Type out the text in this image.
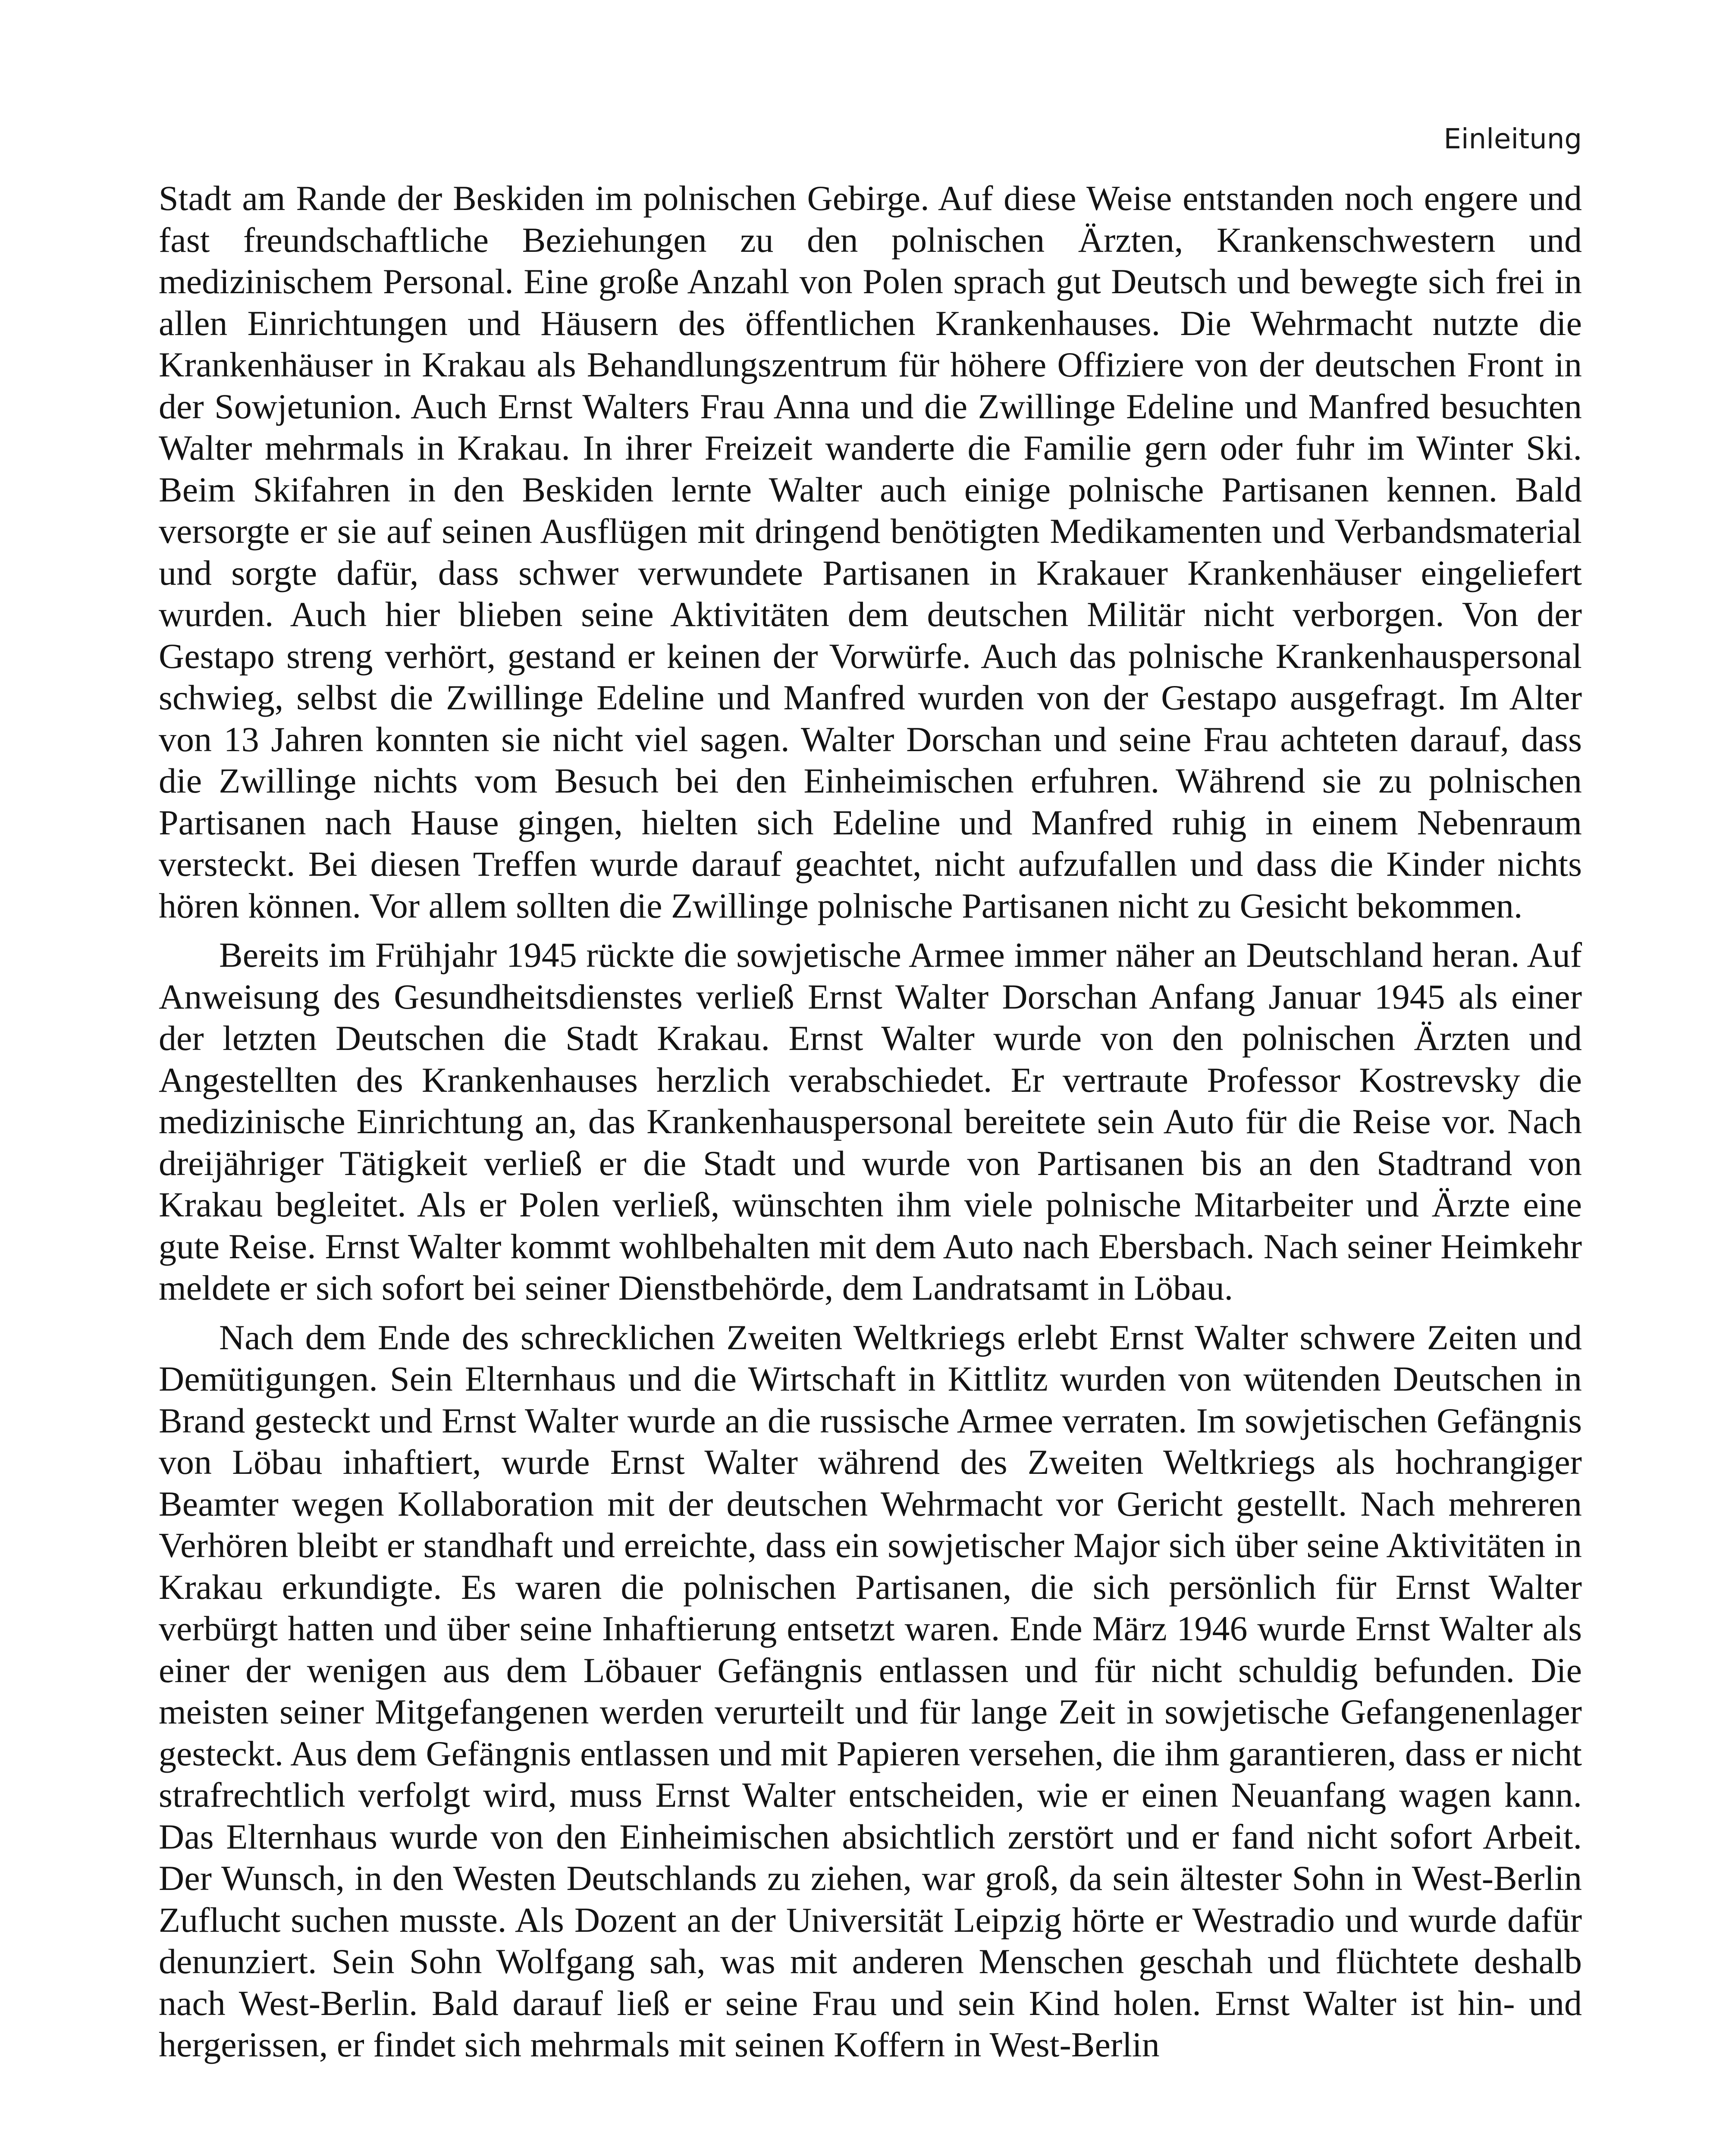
Einleitung

Stadt am Rande der Beskiden im polnischen Gebirge. Auf diese Weise entstanden noch engere und fast freundschaftliche Beziehungen zu den polnischen Ärzten, Krankenschwestern und medizinischem Personal. Eine große Anzahl von Polen sprach gut Deutsch und bewegte sich frei in allen Einrichtungen und Häusern des öffentlichen Krankenhauses. Die Wehrmacht nutzte die Krankenhäuser in Krakau als Behandlungszentrum für höhere Offiziere von der deutschen Front in der Sowjetunion. Auch Ernst Walters Frau Anna und die Zwillinge Edeline und Manfred besuchten Walter mehrmals in Krakau. In ihrer Freizeit wanderte die Familie gern oder fuhr im Winter Ski. Beim Skifahren in den Beskiden lernte Walter auch einige polnische Partisanen kennen. Bald versorgte er sie auf seinen Ausflügen mit dringend benötigten Medikamenten und Verbandsmaterial und sorgte dafür, dass schwer verwundete Partisanen in Krakauer Krankenhäuser eingeliefert wurden. Auch hier blieben seine Aktivitäten dem deutschen Militär nicht verborgen. Von der Gestapo streng verhört, gestand er keinen der Vorwürfe. Auch das polnische Krankenhauspersonal schwieg, selbst die Zwillinge Edeline und Manfred wurden von der Gestapo ausgefragt. Im Alter von 13 Jahren konnten sie nicht viel sagen. Walter Dorschan und seine Frau achteten darauf, dass die Zwillinge nichts vom Besuch bei den Einheimischen erfuhren. Während sie zu polnischen Partisanen nach Hause gingen, hielten sich Edeline und Manfred ruhig in einem Nebenraum versteckt. Bei diesen Treffen wurde darauf geachtet, nicht aufzufallen und dass die Kinder nichts hören können. Vor allem sollten die Zwillinge polnische Partisanen nicht zu Gesicht bekommen.

Bereits im Frühjahr 1945 rückte die sowjetische Armee immer näher an Deutschland heran. Auf Anweisung des Gesundheitsdienstes verließ Ernst Walter Dorschan Anfang Januar 1945 als einer der letzten Deutschen die Stadt Krakau. Ernst Walter wurde von den polnischen Ärzten und Angestellten des Krankenhauses herzlich verabschiedet. Er vertraute Professor Kostrevsky die medizinische Einrichtung an, das Krankenhauspersonal bereitete sein Auto für die Reise vor. Nach dreijähriger Tätigkeit verließ er die Stadt und wurde von Partisanen bis an den Stadtrand von Krakau begleitet. Als er Polen verließ, wünschten ihm viele polnische Mitarbeiter und Ärzte eine gute Reise. Ernst Walter kommt wohlbehalten mit dem Auto nach Ebersbach. Nach seiner Heimkehr meldete er sich sofort bei seiner Dienstbehörde, dem Landratsamt in Löbau.

Nach dem Ende des schrecklichen Zweiten Weltkriegs erlebt Ernst Walter schwere Zeiten und Demütigungen. Sein Elternhaus und die Wirtschaft in Kittlitz wurden von wütenden Deutschen in Brand gesteckt und Ernst Walter wurde an die russische Armee verraten. Im sowjetischen Gefängnis von Löbau inhaftiert, wurde Ernst Walter während des Zweiten Weltkriegs als hochrangiger Beamter wegen Kollaboration mit der deutschen Wehrmacht vor Gericht gestellt. Nach mehreren Verhören bleibt er standhaft und erreichte, dass ein sowjetischer Major sich über seine Aktivitäten in Krakau erkundigte. Es waren die polnischen Partisanen, die sich persönlich für Ernst Walter verbürgt hatten und über seine Inhaftierung entsetzt waren. Ende März 1946 wurde Ernst Walter als einer der wenigen aus dem Löbauer Gefängnis entlassen und für nicht schuldig befunden. Die meisten seiner Mitgefangenen werden verurteilt und für lange Zeit in sowjetische Gefangenenlager gesteckt. Aus dem Gefängnis entlassen und mit Papieren versehen, die ihm garantieren, dass er nicht strafrechtlich verfolgt wird, muss Ernst Walter entscheiden, wie er einen Neuanfang wagen kann. Das Elternhaus wurde von den Einheimischen absichtlich zerstört und er fand nicht sofort Arbeit. Der Wunsch, in den Westen Deutschlands zu ziehen, war groß, da sein ältester Sohn in West-Berlin Zuflucht suchen musste. Als Dozent an der Universität Leipzig hörte er Westradio und wurde dafür denunziert. Sein Sohn Wolfgang sah, was mit anderen Menschen geschah und flüchtete deshalb nach West-Berlin. Bald darauf ließ er seine Frau und sein Kind holen. Ernst Walter ist hin- und hergerissen, er findet sich mehrmals mit seinen Koffern in West-Berlin
